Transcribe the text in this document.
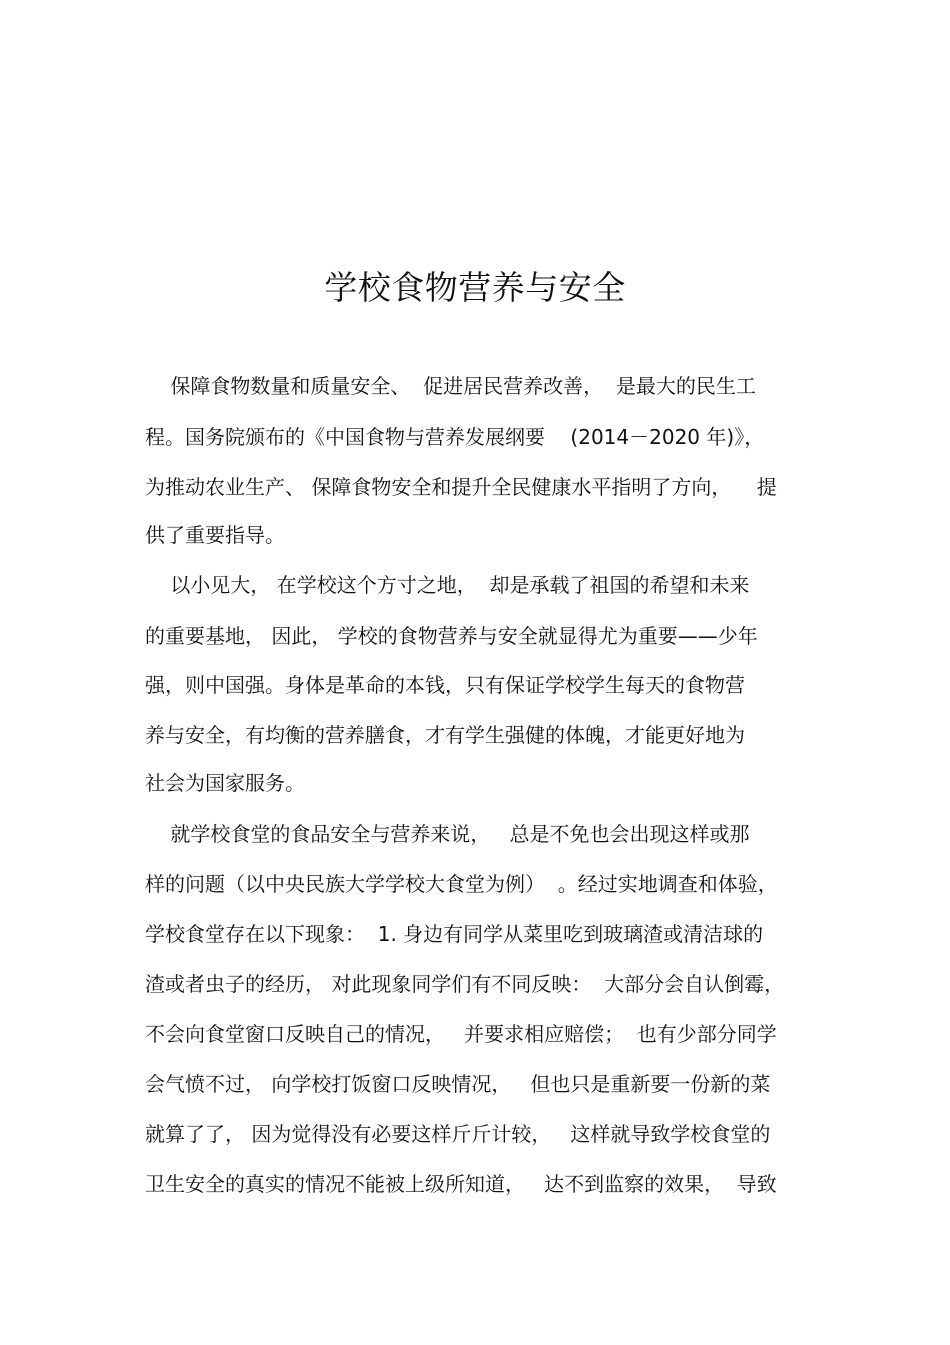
学校食物营养与安全
保障食物数量和质量安全、  促进居民营养改善，  是最大的民生工
程。国务院颁布的《中国食物与营养发展纲要    (2014－2020 年)》，
为推动农业生产、 保障食物安全和提升全民健康水平指明了方向，    提
供了重要指导。
以小见大， 在学校这个方寸之地，  却是承载了祖国的希望和未来
的重要基地， 因此， 学校的食物营养与安全就显得尤为重要——少年
强，则中国强。身体是革命的本钱，只有保证学校学生每天的食物营
养与安全，有均衡的营养膳食，才有学生强健的体魄，才能更好地为
社会为国家服务。
就学校食堂的食品安全与营养来说，   总是不免也会出现这样或那
样的问题（以中央民族大学学校大食堂为例）  。经过实地调查和体验，
学校食堂存在以下现象：  1. 身边有同学从菜里吃到玻璃渣或清洁球的
渣或者虫子的经历， 对此现象同学们有不同反映：  大部分会自认倒霉，
不会向食堂窗口反映自己的情况，   并要求相应赔偿；  也有少部分同学
会气愤不过， 向学校打饭窗口反映情况，   但也只是重新要一份新的菜
就算了了， 因为觉得没有必要这样斤斤计较，   这样就导致学校食堂的
卫生安全的真实的情况不能被上级所知道，   达不到监察的效果，  导致
